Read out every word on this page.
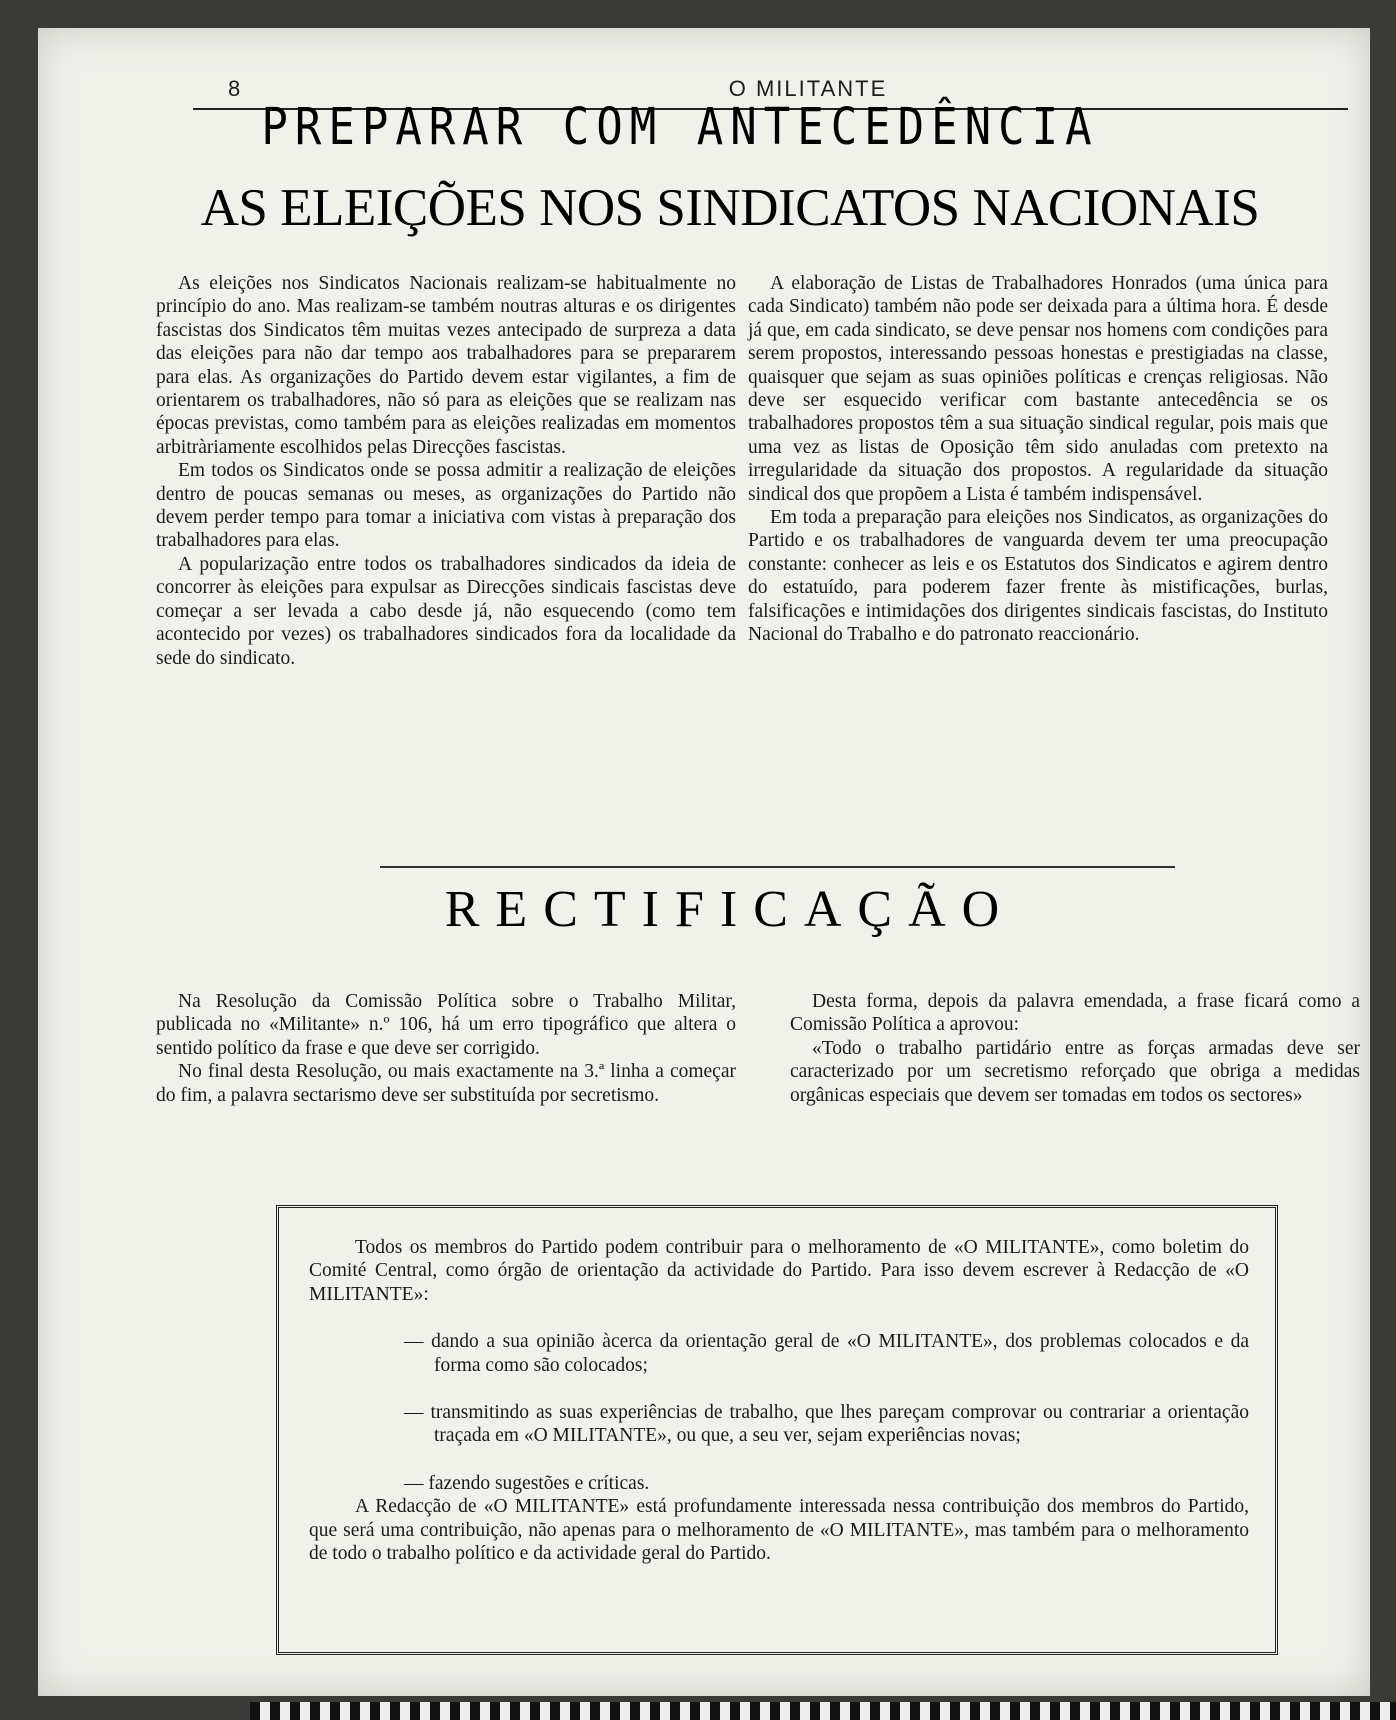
8	O MILITANTE
PREPARAR COM ANTECEDÊNCIA
AS ELEIÇÕES NOS SINDICATOS NACIONAIS

As eleições nos Sindicatos Nacionais realizam-se habitualmente no princípio do ano. Mas realizam-se também noutras alturas e os dirigentes fascistas dos Sindicatos têm muitas vezes antecipado de surpreza a data das eleições para não dar tempo aos trabalhadores para se prepararem para elas. As organizações do Partido devem estar vigilantes, a fim de orientarem os trabalhadores, não só para as eleições que se realizam nas épocas previstas, como também para as eleições realizadas em momentos arbitràriamente escolhidos pelas Direcções fascistas.

Em todos os Sindicatos onde se possa admitir a realização de eleições dentro de poucas semanas ou meses, as organizações do Partido não devem perder tempo para tomar a iniciativa com vistas à preparação dos trabalhadores para elas.

A popularização entre todos os trabalhadores sindicados da ideia de concorrer às eleições para expulsar as Direcções sindicais fascistas deve começar a ser levada a cabo desde já, não esquecendo (como tem acontecido por vezes) os trabalhadores sindicados fora da localidade da sede do sindicato.

A elaboração de Listas de Trabalhadores Honrados (uma única para cada Sindicato) também não pode ser deixada para a última hora. É desde já que, em cada sindicato, se deve pensar nos homens com condições para serem propostos, interessando pessoas honestas e prestigiadas na classe, quaisquer que sejam as suas opiniões políticas e crenças religiosas. Não deve ser esquecido verificar com bastante antecedência se os trabalhadores propostos têm a sua situação sindical regular, pois mais que uma vez as listas de Oposição têm sido anuladas com pretexto na irregularidade da situação dos propostos. A regularidade da situação sindical dos que propõem a Lista é também indispensável.

Em toda a preparação para eleições nos Sindicatos, as organizações do Partido e os trabalhadores de vanguarda devem ter uma preocupação constante: conhecer as leis e os Estatutos dos Sindicatos e agirem dentro do estatuído, para poderem fazer frente às mistificações, burlas, falsificações e intimidações dos dirigentes sindicais fascistas, do Instituto Nacional do Trabalho e do patronato reaccionário.

RECTIFICAÇÃO

Na Resolução da Comissão Política sobre o Trabalho Militar, publicada no «Militante» n.º 106, há um erro tipográfico que altera o sentido político da frase e que deve ser corrigido.

No final desta Resolução, ou mais exactamente na 3.ª linha a começar do fim, a palavra sectarismo deve ser substituída por secretismo.

Desta forma, depois da palavra emendada, a frase ficará como a Comissão Política a aprovou:

«Todo o trabalho partidário entre as forças armadas deve ser caracterizado por um secretismo reforçado que obriga a medidas orgânicas especiais que devem ser tomadas em todos os sectores»

Todos os membros do Partido podem contribuir para o melhoramento de «O MILITANTE», como boletim do Comité Central, como órgão de orientação da actividade do Partido. Para isso devem escrever à Redacção de «O MILITANTE»:

— dando a sua opinião àcerca da orientação geral de «O MILITANTE», dos problemas colocados e da forma como são colocados;

— transmitindo as suas experiências de trabalho, que lhes pareçam comprovar ou contrariar a orientação traçada em «O MILITANTE», ou que, a seu ver, sejam experiências novas;

— fazendo sugestões e críticas.

A Redacção de «O MILITANTE» está profundamente interessada nessa contribuição dos membros do Partido, que será uma contribuição, não apenas para o melhoramento de «O MILITANTE», mas também para o melhoramento de todo o trabalho político e da actividade geral do Partido.
